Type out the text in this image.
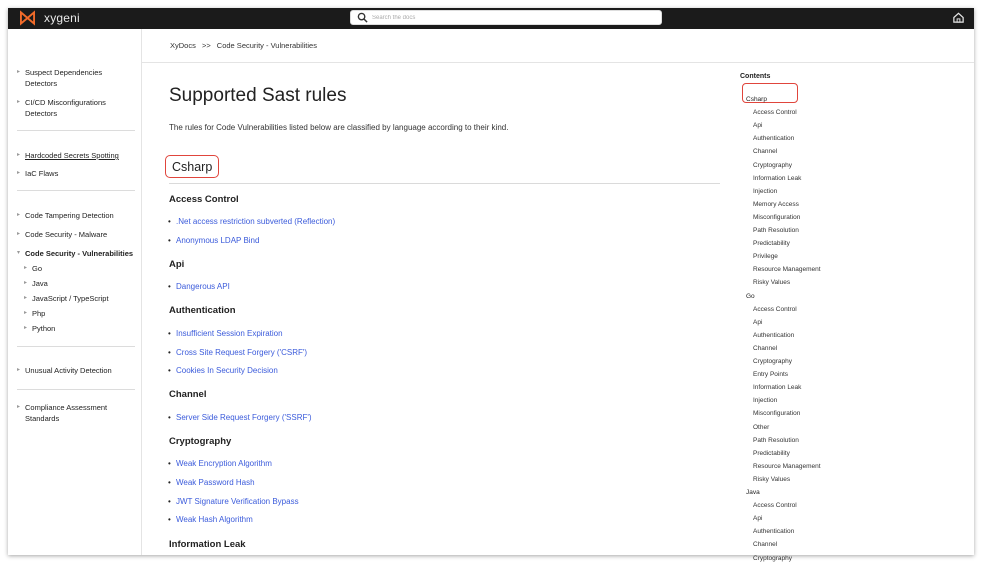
xygeni
Search the docs
▸ Suspect Dependencies Detectors
▸ CI/CD Misconfigurations Detectors
▸ Hardcoded Secrets Spotting
▸ IaC Flaws
▸ Code Tampering Detection
▸ Code Security - Malware
▾ Code Security - Vulnerabilities
▸ Go
▸ Java
▸ JavaScript / TypeScript
▸ Php
▸ Python
▸ Unusual Activity Detection
▸ Compliance Assessment Standards
XyDocs >> Code Security - Vulnerabilities
Supported Sast rules
The rules for Code Vulnerabilities listed below are classified by language according to their kind.
Csharp
Access Control
• .Net access restriction subverted (Reflection)
• Anonymous LDAP Bind
Api
• Dangerous API
Authentication
• Insufficient Session Expiration
• Cross Site Request Forgery ('CSRF')
• Cookies In Security Decision
Channel
• Server Side Request Forgery ('SSRF')
Cryptography
• Weak Encryption Algorithm
• Weak Password Hash
• JWT Signature Verification Bypass
• Weak Hash Algorithm
Information Leak
Contents
Csharp
Access Control
Api
Authentication
Channel
Cryptography
Information Leak
Injection
Memory Access
Misconfiguration
Path Resolution
Predictability
Privilege
Resource Management
Risky Values
Go
Access Control
Api
Authentication
Channel
Cryptography
Entry Points
Information Leak
Injection
Misconfiguration
Other
Path Resolution
Predictability
Resource Management
Risky Values
Java
Access Control
Api
Authentication
Channel
Cryptography
